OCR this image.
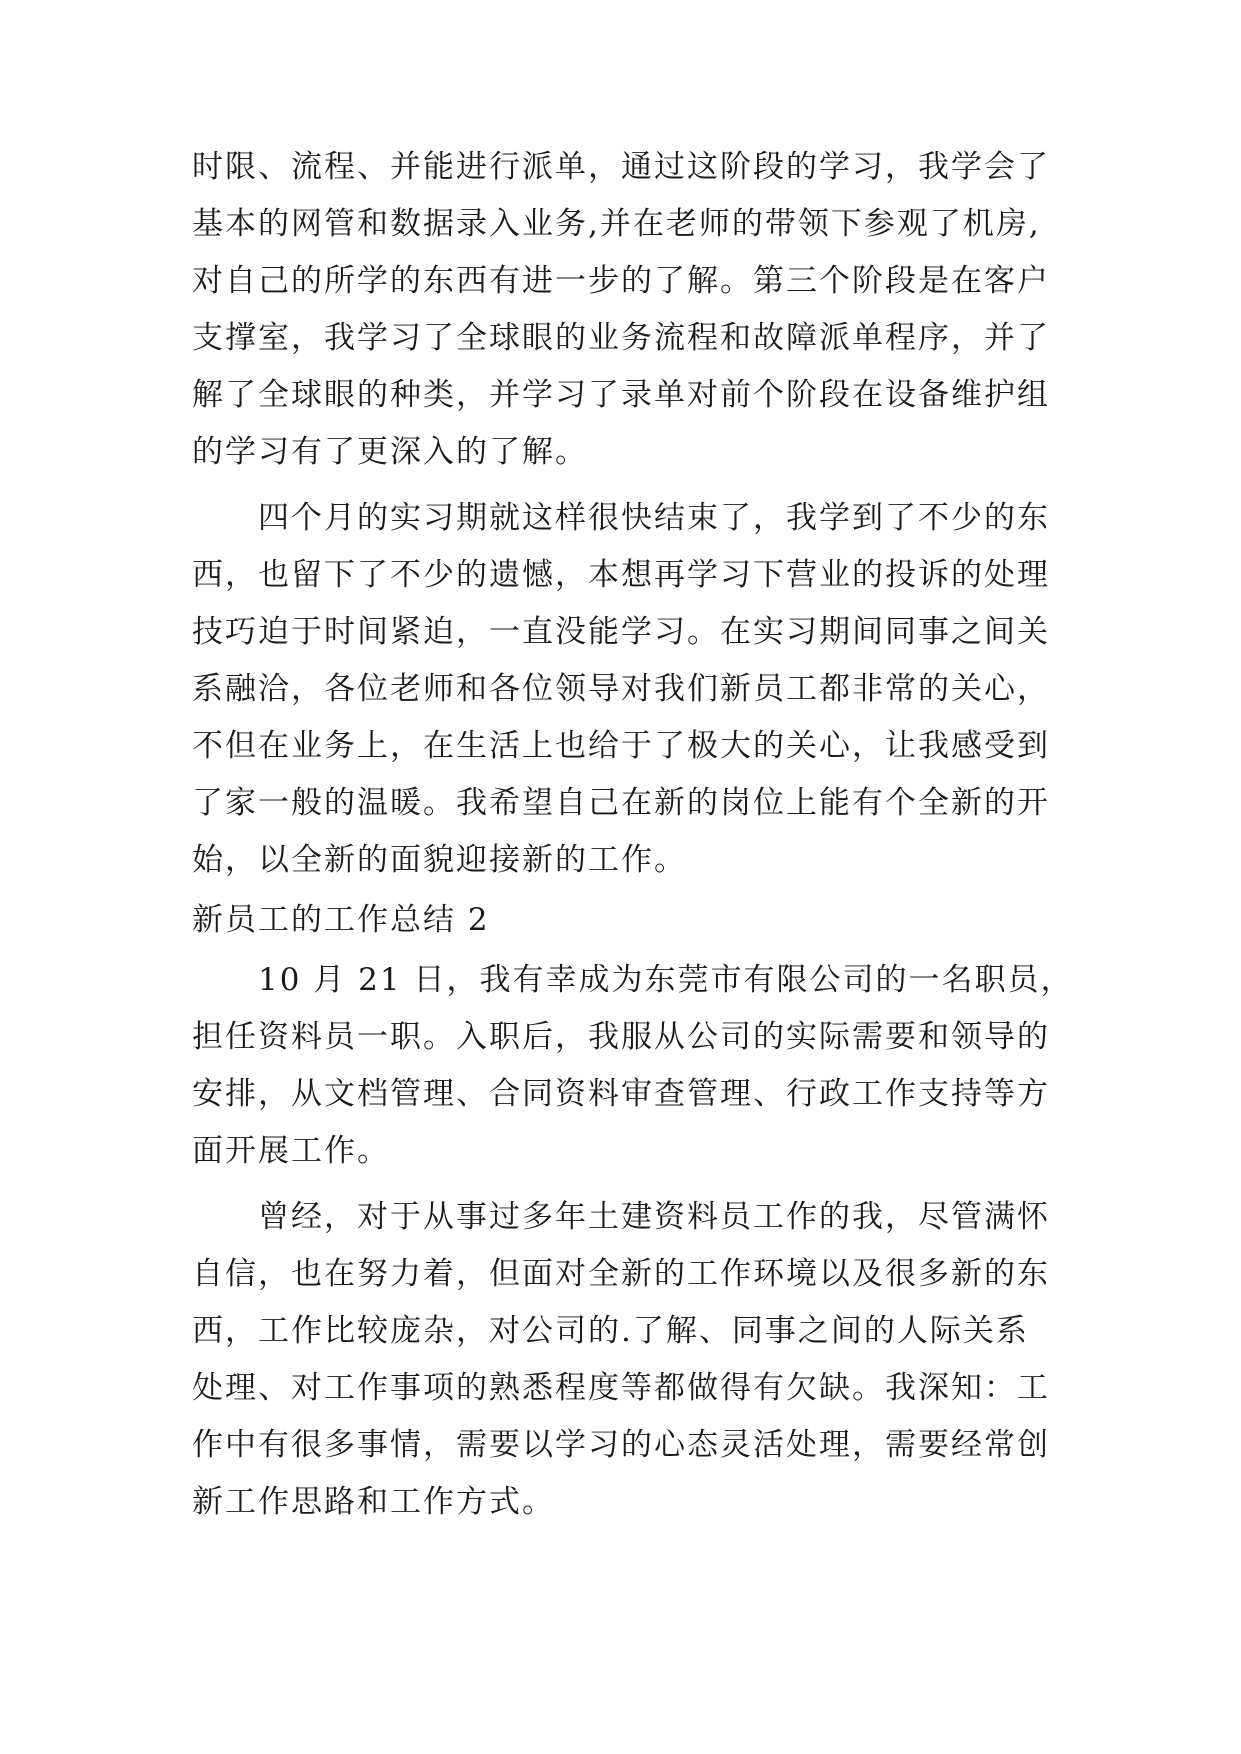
时限、流程、并能进行派单，通过这阶段的学习，我学会了
基本的网管和数据录入业务,并在老师的带领下参观了机房,
对自己的所学的东西有进一步的了解。第三个阶段是在客户
支撑室，我学习了全球眼的业务流程和故障派单程序，并了
解了全球眼的种类，并学习了录单对前个阶段在设备维护组
的学习有了更深入的了解。
四个月的实习期就这样很快结束了，我学到了不少的东
西，也留下了不少的遗憾，本想再学习下营业的投诉的处理
技巧迫于时间紧迫，一直没能学习。在实习期间同事之间关
系融洽，各位老师和各位领导对我们新员工都非常的关心，
不但在业务上，在生活上也给于了极大的关心，让我感受到
了家一般的温暖。我希望自己在新的岗位上能有个全新的开
始，以全新的面貌迎接新的工作。
新员工的工作总结 2
10 月 21 日，我有幸成为东莞市有限公司的一名职员，
担任资料员一职。入职后，我服从公司的实际需要和领导的
安排，从文档管理、合同资料审查管理、行政工作支持等方
面开展工作。
曾经，对于从事过多年土建资料员工作的我，尽管满怀
自信，也在努力着，但面对全新的工作环境以及很多新的东
西，工作比较庞杂，对公司的.了解、同事之间的人际关系
处理、对工作事项的熟悉程度等都做得有欠缺。我深知：工
作中有很多事情，需要以学习的心态灵活处理，需要经常创
新工作思路和工作方式。
